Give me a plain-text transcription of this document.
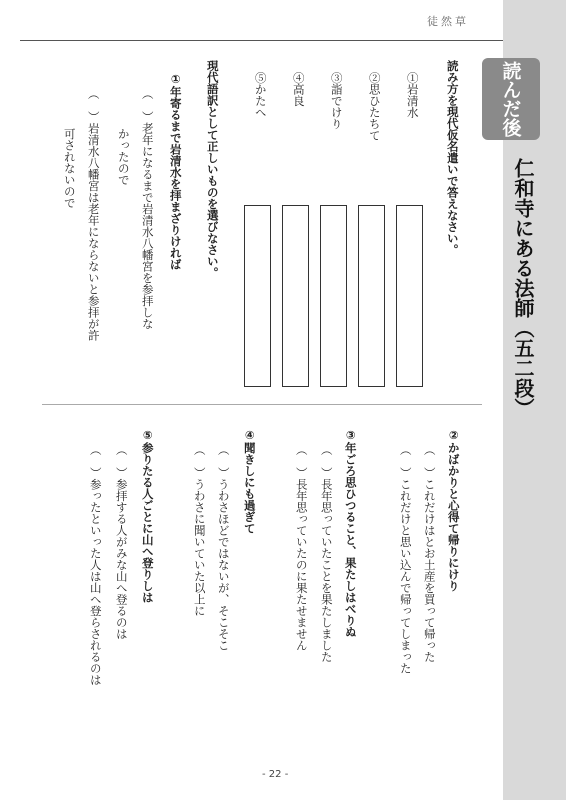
徒然草
読んだ後
仁和寺にある法師（五二段）
読み方を現代仮名遣いで答えなさい。
①岩清水
②思ひたちて
③詣でけり
④高良
⑤かたへ
現代語訳として正しいものを選びなさい。
①年寄るまで岩清水を拝まざりければ
（　）老年になるまで岩清水八幡宮を参拝しな
かったので
（　）岩清水八幡宮は老年にならないと参拝が許
可されないので
②かばかりと心得て帰りにけり
（　）これだけはとお土産を買って帰った
（　）これだけと思い込んで帰ってしまった
③年ごろ思ひつること、果たしはべりぬ
（　）長年思っていたことを果たしました
（　）長年思っていたのに果たせません
④聞きしにも過ぎて
（　）うわさほどではないが、そこそこ
（　）うわさに聞いていた以上に
⑤参りたる人ごとに山へ登りしは
（　）参拝する人がみな山へ登るのは
（　）参ったといった人は山へ登らされるのは
- 22 -
